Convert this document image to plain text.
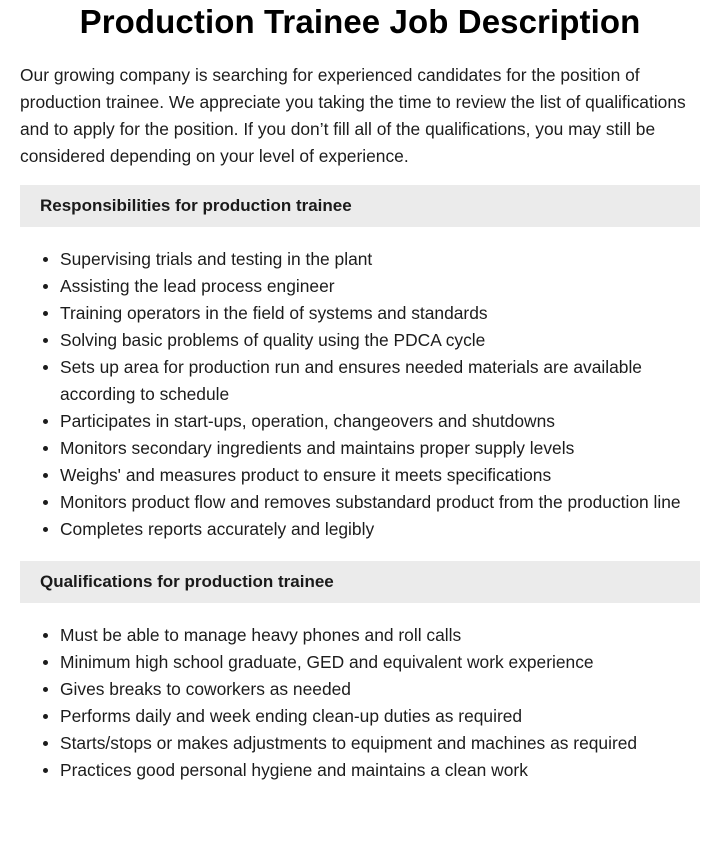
Production Trainee Job Description

Our growing company is searching for experienced candidates for the position of production trainee. We appreciate you taking the time to review the list of qualifications and to apply for the position. If you don’t fill all of the qualifications, you may still be considered depending on your level of experience.

Responsibilities for production trainee
Supervising trials and testing in the plant
Assisting the lead process engineer
Training operators in the field of systems and standards
Solving basic problems of quality using the PDCA cycle
Sets up area for production run and ensures needed materials are available according to schedule
Participates in start-ups, operation, changeovers and shutdowns
Monitors secondary ingredients and maintains proper supply levels
Weighs' and measures product to ensure it meets specifications
Monitors product flow and removes substandard product from the production line
Completes reports accurately and legibly
Qualifications for production trainee
Must be able to manage heavy phones and roll calls
Minimum high school graduate, GED and equivalent work experience
Gives breaks to coworkers as needed
Performs daily and week ending clean-up duties as required
Starts/stops or makes adjustments to equipment and machines as required
Practices good personal hygiene and maintains a clean work
